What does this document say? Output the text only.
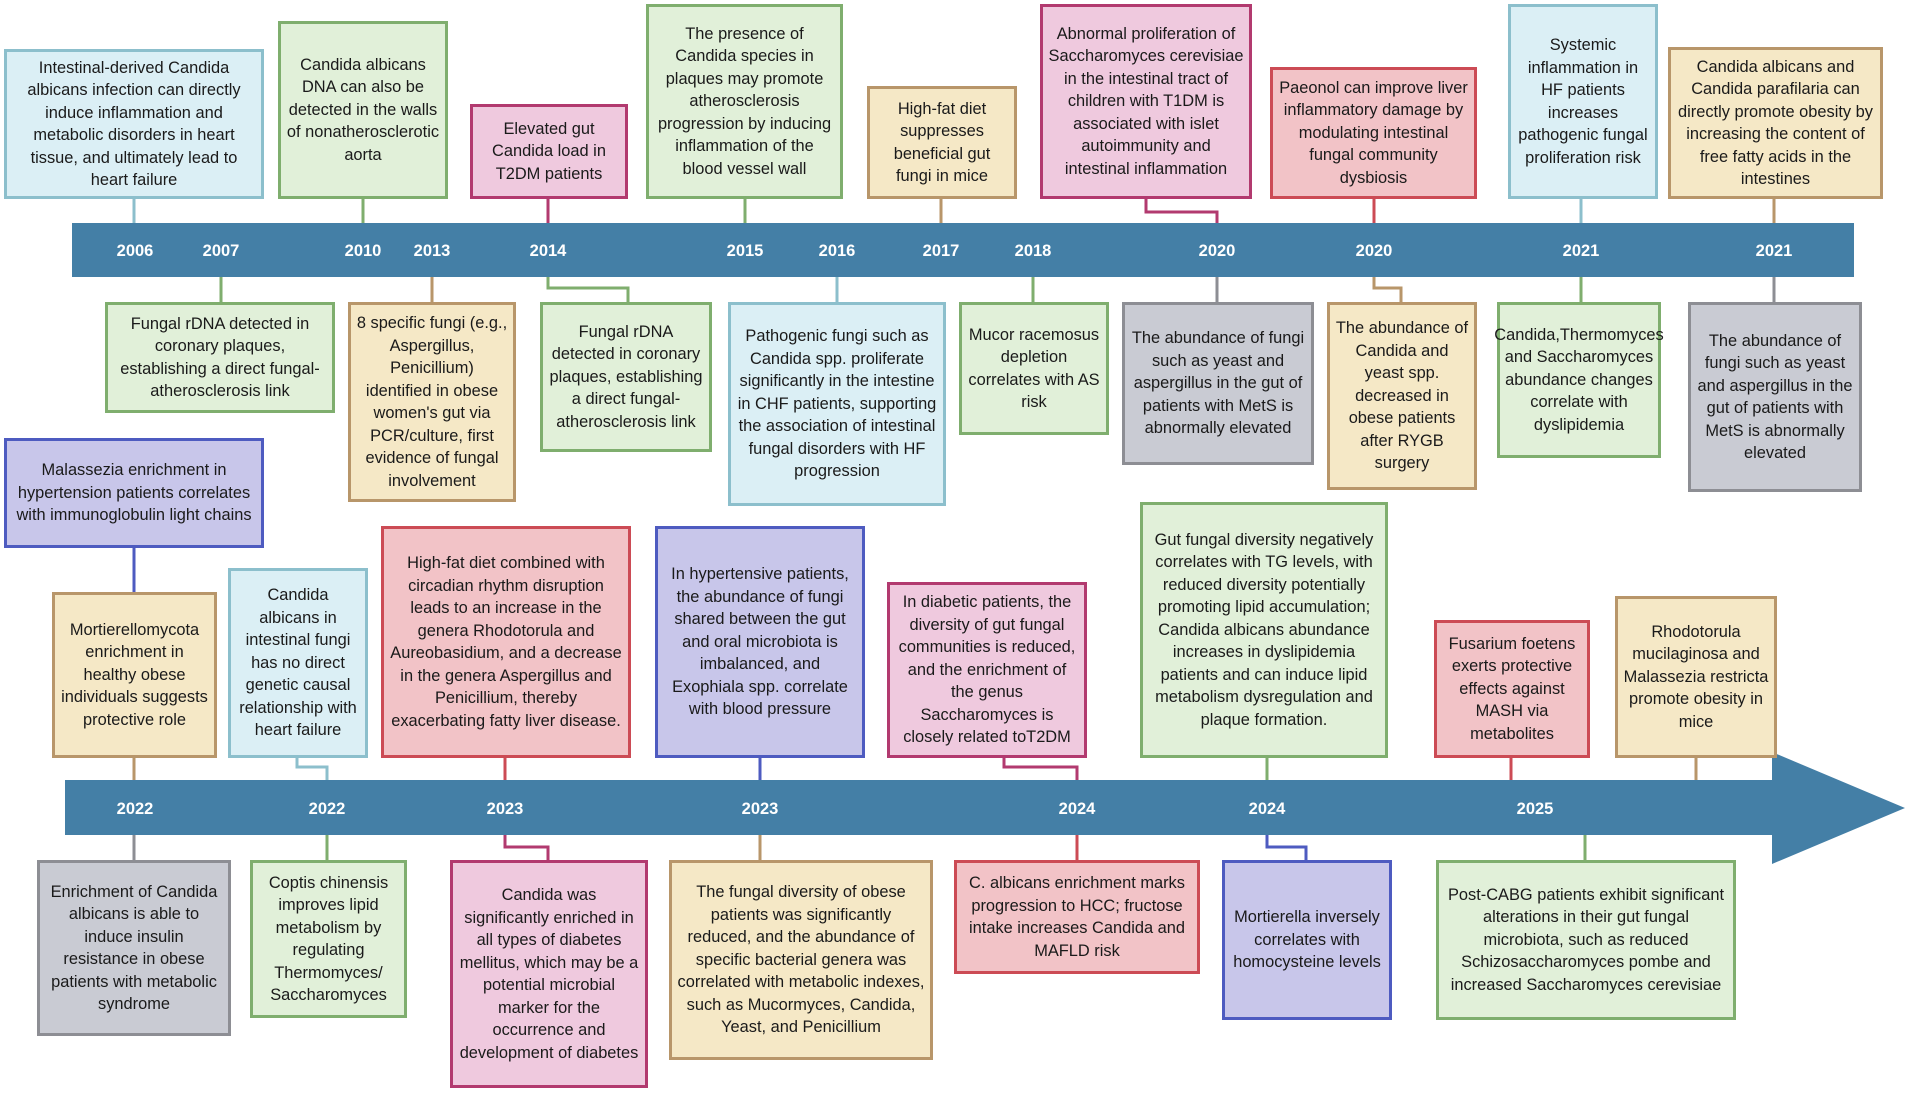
2006	2007	2010	2013	2014	2015	2016	2017	2018	2020	2020	2021	2021
2022	2022	2023	2023	2024	2024	2025
Intestinal-derived Candida albicans infection can directly induce inflammation and metabolic disorders in heart tissue, and ultimately lead to heart failure
Candida albicans DNA can also be detected in the walls of nonatherosclerotic aorta
Elevated gut Candida load in T2DM patients
The presence of Candida species in plaques may promote atherosclerosis progression by inducing inflammation of the blood vessel wall
High-fat diet suppresses beneficial gut fungi in mice
Abnormal proliferation of Saccharomyces cerevisiae in the intestinal tract of children with T1DM is associated with islet autoimmunity and intestinal inflammation
Paeonol can improve liver inflammatory damage by modulating intestinal fungal community dysbiosis
Systemic inflammation in HF patients increases pathogenic fungal proliferation risk
Candida albicans and Candida parafilaria can directly promote obesity by increasing the content of free fatty acids in the intestines
Fungal rDNA detected in coronary plaques, establishing a direct fungal-atherosclerosis link
8 specific fungi (e.g., Aspergillus, Penicillium) identified in obese women's gut via PCR/culture, first evidence of fungal involvement
Fungal rDNA detected in coronary plaques, establishing a direct fungal-atherosclerosis link
Pathogenic fungi such as Candida spp. proliferate significantly in the intestine in CHF patients, supporting the association of intestinal fungal disorders with HF progression
Mucor racemosus depletion correlates with AS risk
The abundance of fungi such as yeast and aspergillus in the gut of patients with MetS is abnormally elevated
The abundance of Candida and yeast spp. decreased in obese patients after RYGB surgery
Candida,Thermomyces and Saccharomyces abundance changes correlate with dyslipidemia
The abundance of fungi such as yeast and aspergillus in the gut of patients with MetS is abnormally elevated
Malassezia enrichment in hypertension patients correlates with immunoglobulin light chains
Mortierellomycota enrichment in healthy obese individuals suggests protective role
Candida albicans in intestinal fungi has no direct genetic causal relationship with heart failure
High-fat diet combined with circadian rhythm disruption leads to an increase in the genera Rhodotorula and Aureobasidium, and a decrease in the genera Aspergillus and Penicillium, thereby exacerbating fatty liver disease.
In hypertensive patients, the abundance of fungi shared between the gut and oral microbiota is imbalanced, and Exophiala spp. correlate with blood pressure
In diabetic patients, the diversity of gut fungal communities is reduced, and the enrichment of the genus Saccharomyces is closely related toT2DM
Gut fungal diversity negatively correlates with TG levels, with reduced diversity potentially promoting lipid accumulation; Candida albicans abundance increases in dyslipidemia patients and can induce lipid metabolism dysregulation and plaque formation.
Fusarium foetens exerts protective effects against MASH via metabolites
Rhodotorula mucilaginosa and Malassezia restricta promote obesity in mice
Enrichment of Candida albicans is able to induce insulin resistance in obese patients with metabolic syndrome
Coptis chinensis improves lipid metabolism by regulating Thermomyces/ Saccharomyces
Candida was significantly enriched in all types of diabetes mellitus, which may be a potential microbial marker for the occurrence and development of diabetes
The fungal diversity of obese patients was significantly reduced, and the abundance of specific bacterial genera was correlated with metabolic indexes, such as Mucormyces, Candida, Yeast, and Penicillium
C. albicans enrichment marks progression to HCC; fructose intake increases Candida and MAFLD risk
Mortierella inversely correlates with homocysteine levels
Post-CABG patients exhibit significant alterations in their gut fungal microbiota, such as reduced Schizosaccharomyces pombe and increased Saccharomyces cerevisiae
